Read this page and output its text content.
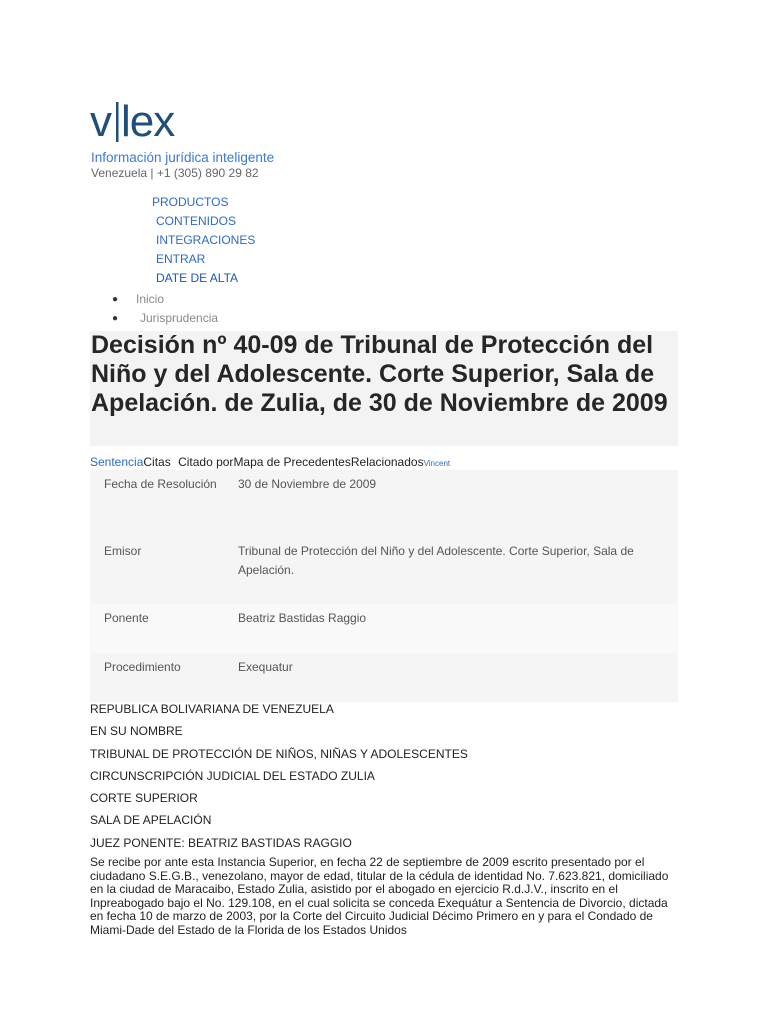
v lex
Información jurídica inteligente
Venezuela | +1 (305) 890 29 82
PRODUCTOS
CONTENIDOS
INTEGRACIONES
ENTRAR
DATE DE ALTA
●	Inicio
●	Jurisprudencia
Decisión nº 40-09 de Tribunal de Protección del Niño y del Adolescente. Corte Superior, Sala de Apelación. de Zulia, de 30 de Noviembre de 2009
SentenciaCitas Citado porMapa de PrecedentesRelacionadosVincent
Fecha de Resolución	30 de Noviembre de 2009
Emisor	Tribunal de Protección del Niño y del Adolescente. Corte Superior, Sala de Apelación.
Ponente	Beatriz Bastidas Raggio
Procedimiento	Exequatur
REPUBLICA BOLIVARIANA DE VENEZUELA
EN SU NOMBRE
TRIBUNAL DE PROTECCIÓN DE NIÑOS, NIÑAS Y ADOLESCENTES
CIRCUNSCRIPCIÓN JUDICIAL DEL ESTADO ZULIA
CORTE SUPERIOR
SALA DE APELACIÓN
JUEZ PONENTE: BEATRIZ BASTIDAS RAGGIO

Se recibe por ante esta Instancia Superior, en fecha 22 de septiembre de 2009 escrito presentado por el ciudadano S.E.G.B., venezolano, mayor de edad, titular de la cédula de identidad No. 7.623.821, domiciliado en la ciudad de Maracaibo, Estado Zulia, asistido por el abogado en ejercicio R.d.J.V., inscrito en el Inpreabogado bajo el No. 129.108, en el cual solicita se conceda Exequátur a Sentencia de Divorcio, dictada en fecha 10 de marzo de 2003, por la Corte del Circuito Judicial Décimo Primero en y para el Condado de Miami-Dade del Estado de la Florida de los Estados Unidos
